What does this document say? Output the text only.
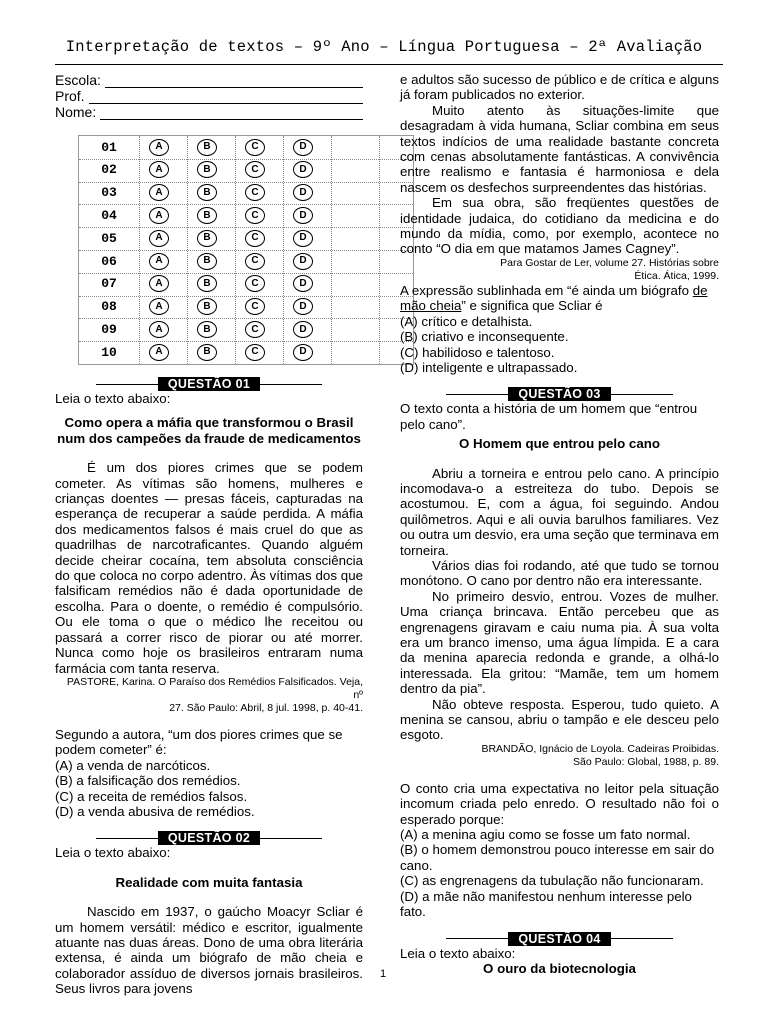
Interpretação de textos – 9º Ano – Língua Portuguesa – 2ª Avaliação
Escola:
Prof.
Nome:
01	A	B	C	D
02	A	B	C	D
03	A	B	C	D
04	A	B	C	D
05	A	B	C	D
06	A	B	C	D
07	A	B	C	D
08	A	B	C	D
09	A	B	C	D
10	A	B	C	D
QUESTÃO 01

Leia o texto abaixo:

Como opera a máfia que transformou o Brasil num dos campeões da fraude de medicamentos

É um dos piores crimes que se podem cometer. As vítimas são homens, mulheres e crianças doentes — presas fáceis, capturadas na esperança de recuperar a saúde perdida. A máfia dos medicamentos falsos é mais cruel do que as quadrilhas de narcotraficantes. Quando alguém decide cheirar cocaína, tem absoluta consciência do que coloca no corpo adentro. Às vítimas dos que falsificam remédios não é dada oportunidade de escolha. Para o doente, o remédio é compulsório. Ou ele toma o que o médico lhe receitou ou passará a correr risco de piorar ou até morrer. Nunca como hoje os brasileiros entraram numa farmácia com tanta reserva.

PASTORE, Karina. O Paraíso dos Remédios Falsificados. Veja, nº

27. São Paulo: Abril, 8 jul. 1998, p. 40-41.

Segundo a autora, “um dos piores crimes que se podem cometer” é:

(A) a venda de narcóticos.

(B) a falsificação dos remédios.

(C) a receita de remédios falsos.

(D) a venda abusiva de remédios.

QUESTÃO 02

Leia o texto abaixo:

Realidade com muita fantasia

Nascido em 1937, o gaúcho Moacyr Scliar é um homem versátil: médico e escritor, igualmente atuante nas duas áreas. Dono de uma obra literária extensa, é ainda um biógrafo de mão cheia e colaborador assíduo de diversos jornais brasileiros. Seus livros para jovens

e adultos são sucesso de público e de crítica e alguns já foram publicados no exterior.

Muito atento às situações-limite que desagradam à vida humana, Scliar combina em seus textos indícios de uma realidade bastante concreta com cenas absolutamente fantásticas. A convivência entre realismo e fantasia é harmoniosa e dela nascem os desfechos surpreendentes das histórias.

Em sua obra, são freqüentes questões de identidade judaica, do cotidiano da medicina e do mundo da mídia, como, por exemplo, acontece no conto “O dia em que matamos James Cagney”.

Para Gostar de Ler, volume 27. Histórias sobre

Ética. Ática, 1999.

A expressão sublinhada em “é ainda um biógrafo de mão cheia” e significa que Scliar é

(A) crítico e detalhista.

(B) criativo e inconsequente.

(C) habilidoso e talentoso.

(D) inteligente e ultrapassado.

QUESTÃO 03

O texto conta a história de um homem que “entrou pelo cano”.

O Homem que entrou pelo cano

Abriu a torneira e entrou pelo cano. A princípio incomodava-o a estreiteza do tubo. Depois se acostumou. E, com a água, foi seguindo. Andou quilômetros. Aqui e ali ouvia barulhos familiares. Vez ou outra um desvio, era uma seção que terminava em torneira.

Vários dias foi rodando, até que tudo se tornou monótono. O cano por dentro não era interessante.

No primeiro desvio, entrou. Vozes de mulher. Uma criança brincava. Então percebeu que as engrenagens giravam e caiu numa pia. À sua volta era um branco imenso, uma água límpida. E a cara da menina aparecia redonda e grande, a olhá-lo interessada. Ela gritou: “Mamãe, tem um homem dentro da pia”.

Não obteve resposta. Esperou, tudo quieto. A menina se cansou, abriu o tampão e ele desceu pelo esgoto.

BRANDÃO, Ignácio de Loyola. Cadeiras Proibidas.

São Paulo: Global, 1988, p. 89.

O conto cria uma expectativa no leitor pela situação incomum criada pelo enredo. O resultado não foi o esperado porque:

(A) a menina agiu como se fosse um fato normal.

(B) o homem demonstrou pouco interesse em sair do cano.

(C) as engrenagens da tubulação não funcionaram.

(D) a mãe não manifestou nenhum interesse pelo fato.

QUESTÃO 04

Leia o texto abaixo:

O ouro da biotecnologia

1
